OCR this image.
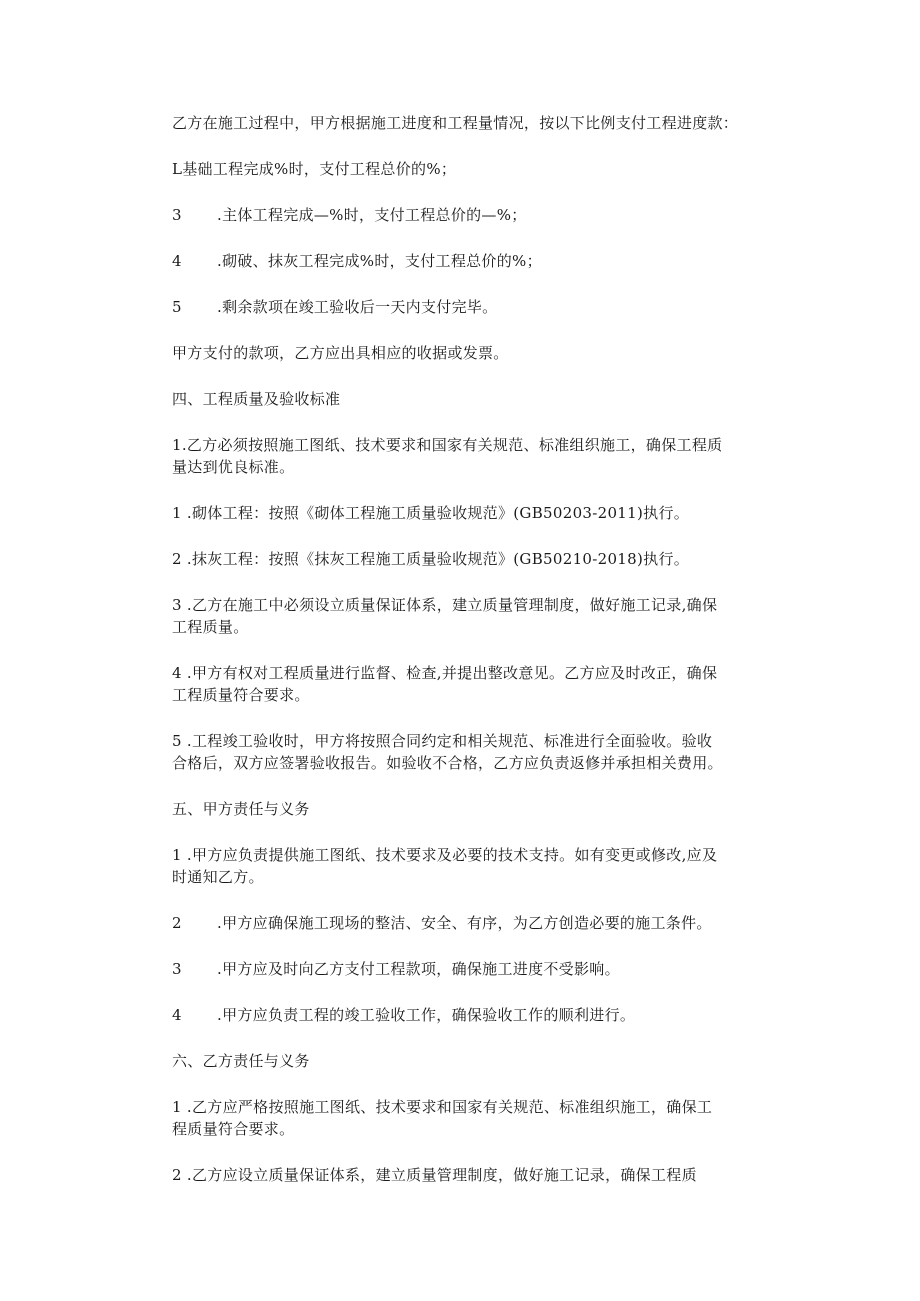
乙方在施工过程中，甲方根据施工进度和工程量情况，按以下比例支付工程进度款：
L基础工程完成%时，支付工程总价的%；
3 .主体工程完成—%时，支付工程总价的—%；
4 .砌破、抹灰工程完成%时，支付工程总价的%；
5 .剩余款项在竣工验收后一天内支付完毕。
甲方支付的款项，乙方应出具相应的收据或发票。
四、工程质量及验收标准
1.乙方必须按照施工图纸、技术要求和国家有关规范、标准组织施工，确保工程质
量达到优良标准。
1 .砌体工程：按照《砌体工程施工质量验收规范》(GB50203-2011)执行。
2 .抹灰工程：按照《抹灰工程施工质量验收规范》(GB50210-2018)执行。
3 .乙方在施工中必须设立质量保证体系，建立质量管理制度，做好施工记录,确保
工程质量。
4 .甲方有权对工程质量进行监督、检查,并提出整改意见。乙方应及时改正，确保
工程质量符合要求。
5 .工程竣工验收时，甲方将按照合同约定和相关规范、标准进行全面验收。验收
合格后，双方应签署验收报告。如验收不合格，乙方应负责返修并承担相关费用。
五、甲方责任与义务
1 .甲方应负责提供施工图纸、技术要求及必要的技术支持。如有变更或修改,应及
时通知乙方。
2 .甲方应确保施工现场的整洁、安全、有序，为乙方创造必要的施工条件。
3 .甲方应及时向乙方支付工程款项，确保施工进度不受影响。
4 .甲方应负责工程的竣工验收工作，确保验收工作的顺利进行。
六、乙方责任与义务
1 .乙方应严格按照施工图纸、技术要求和国家有关规范、标准组织施工，确保工
程质量符合要求。
2 .乙方应设立质量保证体系，建立质量管理制度，做好施工记录，确保工程质
